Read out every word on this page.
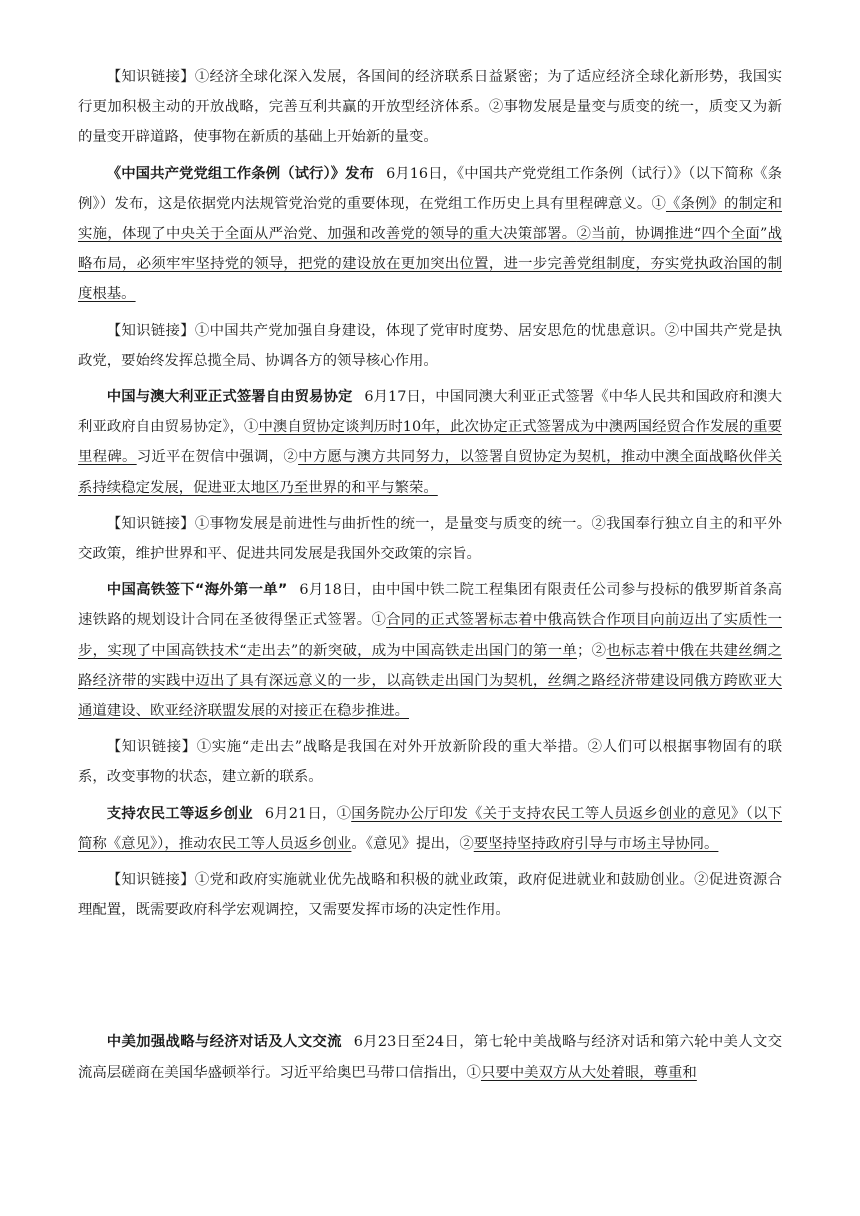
【知识链接】①经济全球化深入发展，各国间的经济联系日益紧密；为了适应经济全球化新形势，我国实行更加积极主动的开放战略，完善互利共赢的开放型经济体系。②事物发展是量变与质变的统一，质变又为新的量变开辟道路，使事物在新质的基础上开始新的量变。

《中国共产党党组工作条例（试行）》发布 6月16日，《中国共产党党组工作条例（试行）》（以下简称《条例》）发布，这是依据党内法规管党治党的重要体现，在党组工作历史上具有里程碑意义。①《条例》的制定和实施，体现了中央关于全面从严治党、加强和改善党的领导的重大决策部署。②当前，协调推进“四个全面”战略布局，必须牢牢坚持党的领导，把党的建设放在更加突出位置，进一步完善党组制度，夯实党执政治国的制度根基。

【知识链接】①中国共产党加强自身建设，体现了党审时度势、居安思危的忧患意识。②中国共产党是执政党，要始终发挥总揽全局、协调各方的领导核心作用。

中国与澳大利亚正式签署自由贸易协定 6月17日，中国同澳大利亚正式签署《中华人民共和国政府和澳大利亚政府自由贸易协定》，①中澳自贸协定谈判历时10年，此次协定正式签署成为中澳两国经贸合作发展的重要里程碑。习近平在贺信中强调，②中方愿与澳方共同努力，以签署自贸协定为契机，推动中澳全面战略伙伴关系持续稳定发展，促进亚太地区乃至世界的和平与繁荣。

【知识链接】①事物发展是前进性与曲折性的统一，是量变与质变的统一。②我国奉行独立自主的和平外交政策，维护世界和平、促进共同发展是我国外交政策的宗旨。

中国高铁签下“海外第一单” 6月18日，由中国中铁二院工程集团有限责任公司参与投标的俄罗斯首条高速铁路的规划设计合同在圣彼得堡正式签署。①合同的正式签署标志着中俄高铁合作项目向前迈出了实质性一步，实现了中国高铁技术“走出去”的新突破，成为中国高铁走出国门的第一单；②也标志着中俄在共建丝绸之路经济带的实践中迈出了具有深远意义的一步，以高铁走出国门为契机，丝绸之路经济带建设同俄方跨欧亚大通道建设、欧亚经济联盟发展的对接正在稳步推进。

【知识链接】①实施“走出去”战略是我国在对外开放新阶段的重大举措。②人们可以根据事物固有的联系，改变事物的状态，建立新的联系。

支持农民工等返乡创业 6月21日，①国务院办公厅印发《关于支持农民工等人员返乡创业的意见》（以下简称《意见》），推动农民工等人员返乡创业。《意见》提出，②要坚持坚持政府引导与市场主导协同。

【知识链接】①党和政府实施就业优先战略和积极的就业政策，政府促进就业和鼓励创业。②促进资源合理配置，既需要政府科学宏观调控，又需要发挥市场的决定性作用。

中美加强战略与经济对话及人文交流 6月23日至24日，第七轮中美战略与经济对话和第六轮中美人文交流高层磋商在美国华盛顿举行。习近平给奥巴马带口信指出，①只要中美双方从大处着眼，尊重和
